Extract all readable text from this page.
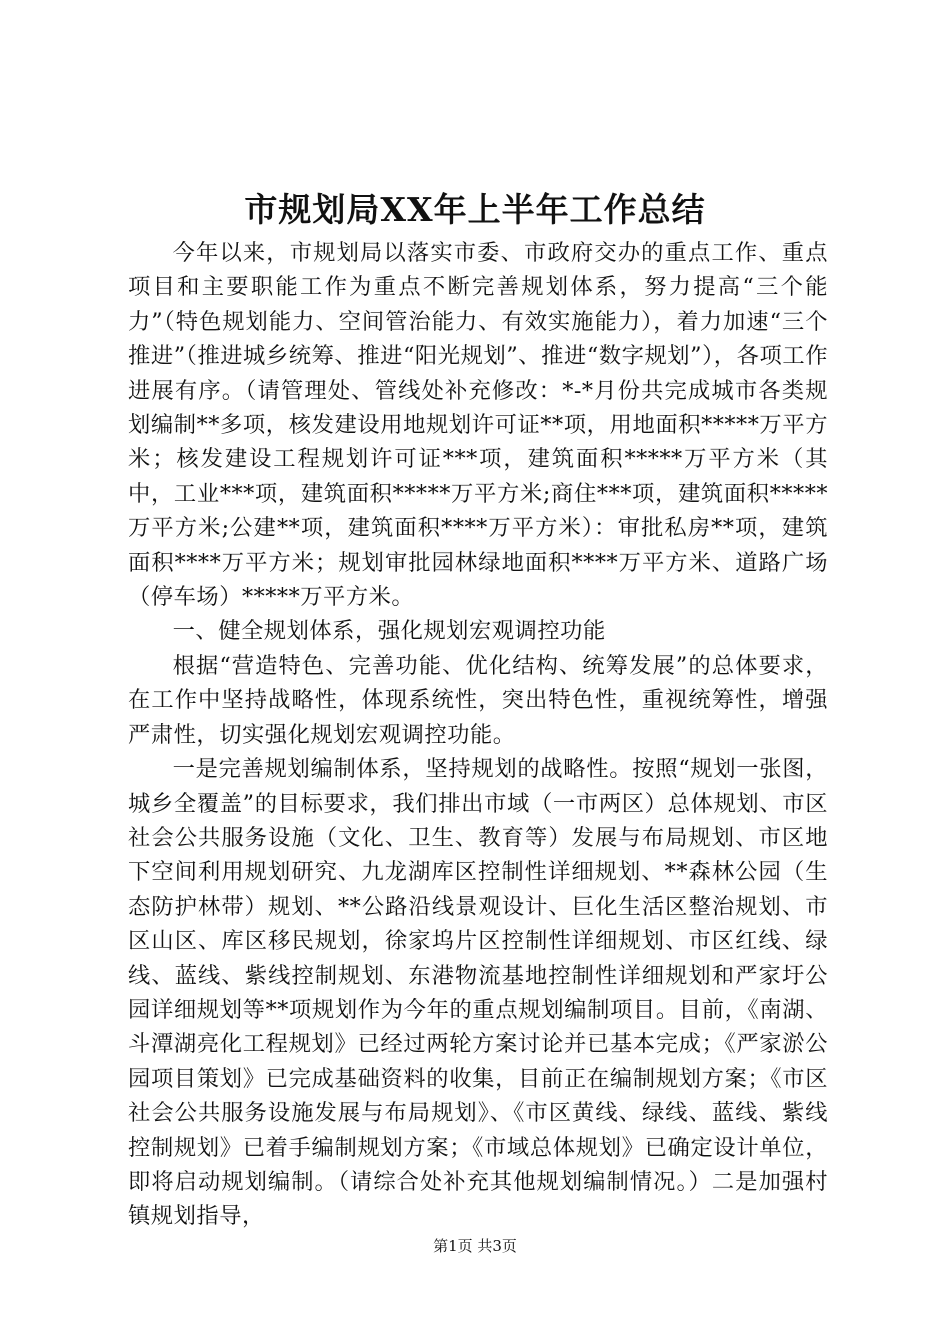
市规划局XX年上半年工作总结

今年以来，市规划局以落实市委、市政府交办的重点工作、重点项目和主要职能工作为重点不断完善规划体系，努力提高“三个能力”（特色规划能力、空间管治能力、有效实施能力），着力加速“三个推进”（推进城乡统筹、推进“阳光规划”、推进“数字规划”），各项工作进展有序。（请管理处、管线处补充修改：*-*月份共完成城市各类规划编制**多项，核发建设用地规划许可证**项，用地面积*****万平方米；核发建设工程规划许可证***项，建筑面积*****万平方米（其中，工业***项，建筑面积*****万平方米;商住***项，建筑面积*****万平方米;公建**项，建筑面积****万平方米）：审批私房**项，建筑面积****万平方米；规划审批园林绿地面积****万平方米、道路广场（停车场）*****万平方米。

一、健全规划体系，强化规划宏观调控功能

根据“营造特色、完善功能、优化结构、统筹发展”的总体要求，在工作中坚持战略性，体现系统性，突出特色性，重视统筹性，增强严肃性，切实强化规划宏观调控功能。

一是完善规划编制体系，坚持规划的战略性。按照“规划一张图，城乡全覆盖”的目标要求，我们排出市域（一市两区）总体规划、市区社会公共服务设施（文化、卫生、教育等）发展与布局规划、市区地下空间利用规划研究、九龙湖库区控制性详细规划、**森林公园（生态防护林带）规划、**公路沿线景观设计、巨化生活区整治规划、市区山区、库区移民规划，徐家坞片区控制性详细规划、市区红线、绿线、蓝线、紫线控制规划、东港物流基地控制性详细规划和严家圩公园详细规划等**项规划作为今年的重点规划编制项目。目前，《南湖、斗潭湖亮化工程规划》已经过两轮方案讨论并已基本完成；《严家淤公园项目策划》已完成基础资料的收集，目前正在编制规划方案；《市区社会公共服务设施发展与布局规划》、《市区黄线、绿线、蓝线、紫线控制规划》已着手编制规划方案；《市域总体规划》已确定设计单位，即将启动规划编制。（请综合处补充其他规划编制情况。）二是加强村镇规划指导，

第1页 共3页
